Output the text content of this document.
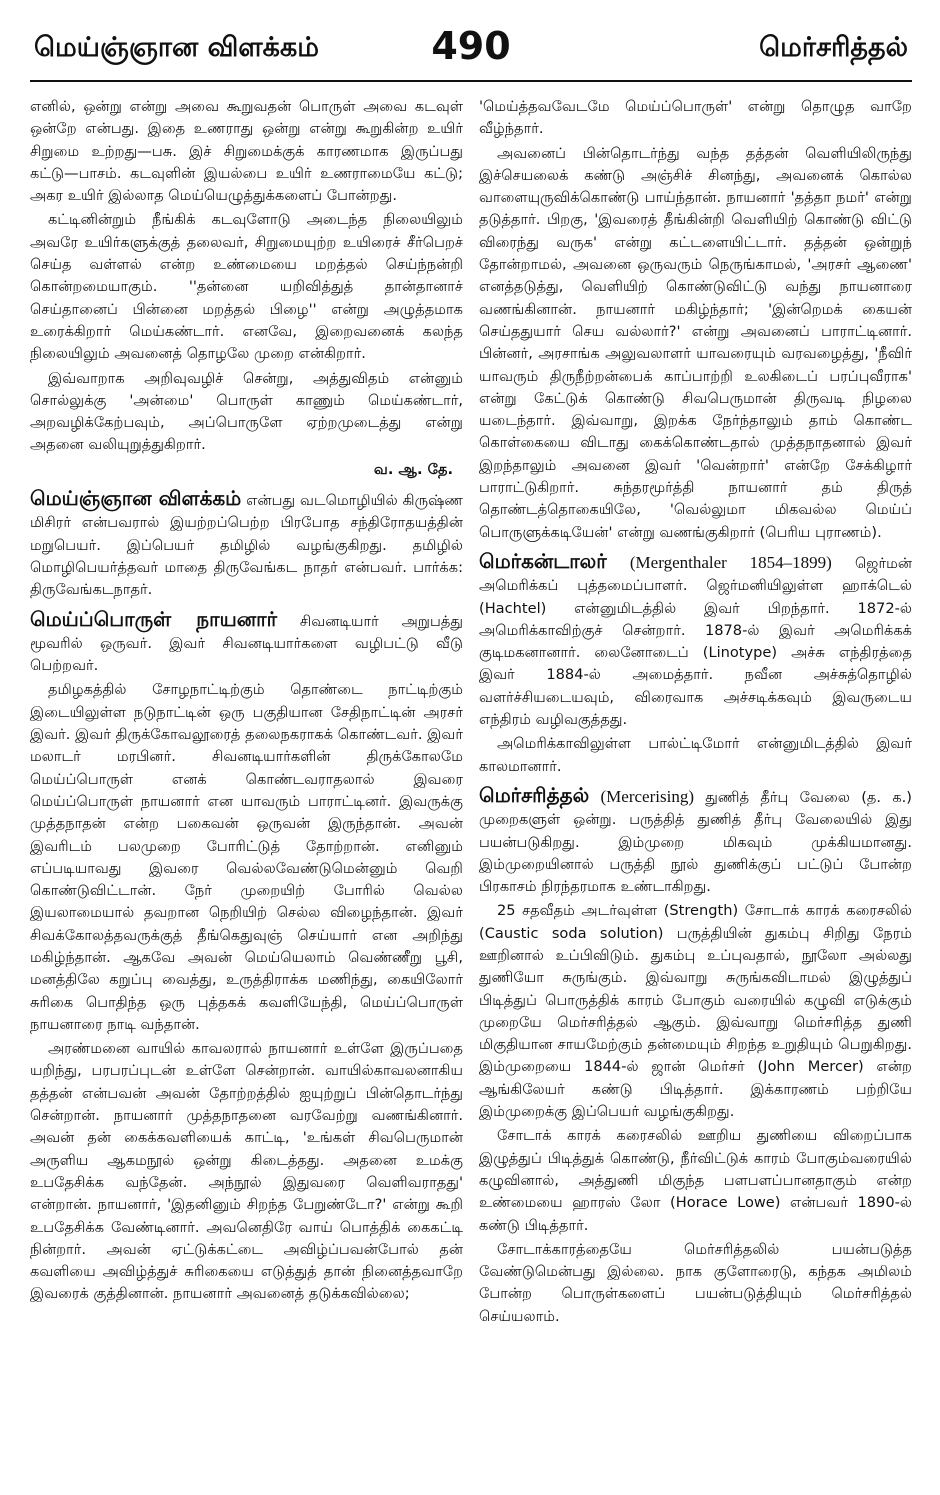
மெய்ஞ்ஞான விளக்கம்	490	மெர்சரித்தல்

எனில், ஒன்று என்று அவை கூறுவதன் பொருள் அவை கடவுள் ஒன்றே என்பது. இதை உணராது ஒன்று என்று கூறுகின்ற உயிர் சிறுமை உற்றது—பசு. இச் சிறுமைக்குக் காரணமாக இருப்பது கட்டு—பாசம். கடவுளின் இயல்பை உயிர் உணராமையே கட்டு; அகர உயிர் இல்லாத மெய்யெழுத்துக்களைப் போன்றது.

கட்டினின்றும் நீங்கிக் கடவுளோடு அடைந்த நிலையிலும் அவரே உயிர்களுக்குத் தலைவர், சிறுமையுற்ற உயிரைச் சீர்பெறச் செய்த வள்ளல் என்ற உண்மையை மறத்தல் செய்ந்நன்றி கொன்றமையாகும். ''தன்னை யறிவித்துத் தான்தானாச் செய்தானைப் பின்னை மறத்தல் பிழை'' என்று அழுத்தமாக உரைக்கிறார் மெய்கண்டார். எனவே, இறைவனைக் கலந்த நிலையிலும் அவனைத் தொழலே முறை என்கிறார்.

இவ்வாறாக அறிவுவழிச் சென்று, அத்துவிதம் என்னும் சொல்லுக்கு 'அன்மை' பொருள் காணும் மெய்கண்டார், அறவழிக்கேற்பவும், அப்பொருளே ஏற்றமுடைத்து என்று அதனை வலியுறுத்துகிறார்.

வ. ஆ. தே.

மெய்ஞ்ஞான விளக்கம் என்பது வடமொழியில் கிருஷ்ண மிசிரர் என்பவரால் இயற்றப்பெற்ற பிரபோத சந்திரோதயத்தின் மறுபெயர். இப்பெயர் தமிழில் வழங்குகிறது. தமிழில் மொழிபெயர்த்தவர் மாதை திருவேங்கட நாதர் என்பவர். பார்க்க: திருவேங்கடநாதர்.

மெய்ப்பொருள் நாயனார் சிவனடியார் அறுபத்து மூவரில் ஒருவர். இவர் சிவனடியார்களை வழிபட்டு வீடு பெற்றவர்.

தமிழகத்தில் சோழநாட்டிற்கும் தொண்டை நாட்டிற்கும் இடையிலுள்ள நடுநாட்டின் ஒரு பகுதியான சேதிநாட்டின் அரசர் இவர். இவர் திருக்கோவலூரைத் தலைநகராகக் கொண்டவர். இவர் மலாடர் மரபினர். சிவனடியார்களின் திருக்கோலமே மெய்ப்பொருள் எனக் கொண்டவராதலால் இவரை மெய்ப்பொருள் நாயனார் என யாவரும் பாராட்டினர். இவருக்கு முத்தநாதன் என்ற பகைவன் ஒருவன் இருந்தான். அவன் இவரிடம் பலமுறை போரிட்டுத் தோற்றான். எனினும் எப்படியாவது இவரை வெல்லவேண்டுமென்னும் வெறி கொண்டுவிட்டான். நேர் முறையிற் போரில் வெல்ல இயலாமையால் தவறான நெறியிற் செல்ல விழைந்தான். இவர் சிவக்கோலத்தவருக்குத் தீங்கெதுவுஞ் செய்யார் என அறிந்து மகிழ்ந்தான். ஆகவே அவன் மெய்யெலாம் வெண்ணீறு பூசி, மனத்திலே கறுப்பு வைத்து, உருத்திராக்க மணிந்து, கையிலோர் சுரிகை பொதிந்த ஒரு புத்தகக் கவளியேந்தி, மெய்ப்பொருள் நாயனாரை நாடி வந்தான்.

அரண்மனை வாயில் காவலரால் நாயனார் உள்ளே இருப்பதை யறிந்து, பரபரப்புடன் உள்ளே சென்றான். வாயில்காவலனாகிய தத்தன் என்பவன் அவன் தோற்றத்தில் ஐயுற்றுப் பின்தொடர்ந்து சென்றான். நாயனார் முத்தநாதனை வரவேற்று வணங்கினார். அவன் தன் கைக்கவளியைக் காட்டி, 'உங்கள் சிவபெருமான் அருளிய ஆகமநூல் ஒன்று கிடைத்தது. அதனை உமக்கு உபதேசிக்க வந்தேன். அந்நூல் இதுவரை வெளிவராதது' என்றான். நாயனார், 'இதனினும் சிறந்த பேறுண்டோ?' என்று கூறி உபதேசிக்க வேண்டினார். அவனெதிரே வாய் பொத்திக் கைகட்டி நின்றார். அவன் ஏட்டுக்கட்டை அவிழ்ப்பவன்போல் தன் கவளியை அவிழ்த்துச் சுரிகையை எடுத்துத் தான் நினைத்தவாறே இவரைக் குத்தினான். நாயனார் அவனைத் தடுக்கவில்லை;

'மெய்த்தவவேடமே மெய்ப்பொருள்' என்று தொழுத வாறே வீழ்ந்தார்.

அவனைப் பின்தொடர்ந்து வந்த தத்தன் வெளியிலிருந்து இச்செயலைக் கண்டு அஞ்சிச் சினந்து, அவனைக் கொல்ல வாளையுருவிக்கொண்டு பாய்ந்தான். நாயனார் 'தத்தா நமர்' என்று தடுத்தார். பிறகு, 'இவரைத் தீங்கின்றி வெளியிற் கொண்டு விட்டு விரைந்து வருக' என்று கட்டளையிட்டார். தத்தன் ஒன்றுந் தோன்றாமல், அவனை ஒருவரும் நெருங்காமல், 'அரசர் ஆணை' எனத்தடுத்து, வெளியிற் கொண்டுவிட்டு வந்து நாயனாரை வணங்கினான். நாயனார் மகிழ்ந்தார்; 'இன்றெமக் கையன் செய்ததுயார் செய வல்லார்?' என்று அவனைப் பாராட்டினார். பின்னர், அரசாங்க அலுவலாளர் யாவரையும் வரவழைத்து, 'நீவிர் யாவரும் திருநீற்றன்பைக் காப்பாற்றி உலகிடைப் பரப்புவீராக' என்று கேட்டுக் கொண்டு சிவபெருமான் திருவடி நிழலை யடைந்தார். இவ்வாறு, இறக்க நேர்ந்தாலும் தாம் கொண்ட கொள்கையை விடாது கைக்கொண்டதால் முத்தநாதனால் இவர் இறந்தாலும் அவனை இவர் 'வென்றார்' என்றே சேக்கிழார் பாராட்டுகிறார். சுந்தரமூர்த்தி நாயனார் தம் திருத் தொண்டத்தொகையிலே, 'வெல்லுமா மிகவல்ல மெய்ப் பொருளுக்கடியேன்' என்று வணங்குகிறார் (பெரிய புராணம்).

மெர்கன்டாலர் (Mergenthaler 1854–1899) ஜெர்மன் அமெரிக்கப் புத்தமைப்பாளர். ஜெர்மனியிலுள்ள ஹாக்டெல் (Hachtel) என்னுமிடத்தில் இவர் பிறந்தார். 1872-ல் அமெரிக்காவிற்குச் சென்றார். 1878-ல் இவர் அமெரிக்கக் குடிமகனானார். லைனோடைப் (Linotype) அச்சு எந்திரத்தை இவர் 1884-ல் அமைத்தார். நவீன அச்சுத்தொழில் வளர்ச்சியடையவும், விரைவாக அச்சடிக்கவும் இவருடைய எந்திரம் வழிவகுத்தது.

அமெரிக்காவிலுள்ள பால்ட்டிமோர் என்னுமிடத்தில் இவர் காலமானார்.

மெர்சரித்தல் (Mercerising) துணித் தீர்பு வேலை (த. க.) முறைகளுள் ஒன்று. பருத்தித் துணித் தீர்பு வேலையில் இது பயன்படுகிறது. இம்முறை மிகவும் முக்கியமானது. இம்முறையினால் பருத்தி நூல் துணிக்குப் பட்டுப் போன்ற பிரகாசம் நிரந்தரமாக உண்டாகிறது.

25 சதவீதம் அடர்வுள்ள (Strength) சோடாக் காரக் கரைசலில் (Caustic soda solution) பருத்தியின் துகம்பு சிறிது நேரம் ஊறினால் உப்பிவிடும். துகம்பு உப்புவதால், நூலோ அல்லது துணியோ சுருங்கும். இவ்வாறு சுருங்கவிடாமல் இழுத்துப் பிடித்துப் பொருத்திக் காரம் போகும் வரையில் கழுவி எடுக்கும் முறையே மெர்சரித்தல் ஆகும். இவ்வாறு மெர்சரித்த துணி மிகுதியான சாயமேற்கும் தன்மையும் சிறந்த உறுதியும் பெறுகிறது. இம்முறையை 1844-ல் ஜான் மெர்சர் (John Mercer) என்ற ஆங்கிலேயர் கண்டு பிடித்தார். இக்காரணம் பற்றியே இம்முறைக்கு இப்பெயர் வழங்குகிறது.

சோடாக் காரக் கரைசலில் ஊறிய துணியை விறைப்பாக இழுத்துப் பிடித்துக் கொண்டு, நீர்விட்டுக் காரம் போகும்வரையில் கழுவினால், அத்துணி மிகுந்த பளபளப்பானதாகும் என்ற உண்மையை ஹாரஸ் லோ (Horace Lowe) என்பவர் 1890-ல் கண்டு பிடித்தார்.

சோடாக்காரத்தையே மெர்சரித்தலில் பயன்படுத்த வேண்டுமென்பது இல்லை. நாக குளோரைடு, கந்தக அமிலம் போன்ற பொருள்களைப் பயன்படுத்தியும் மெர்சரித்தல் செய்யலாம்.
